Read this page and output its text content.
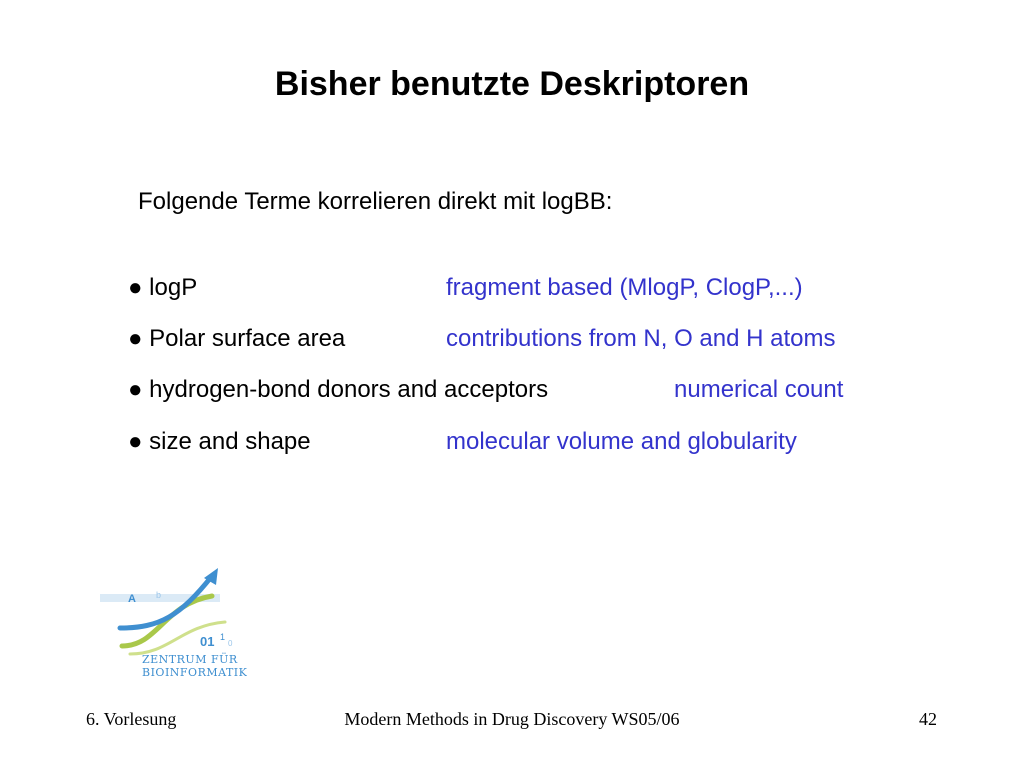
Bisher benutzte Deskriptoren
Folgende Terme korrelieren direkt mit logBB:
● logP	fragment based (MlogP, ClogP,...)
● Polar surface area	contributions from N, O and H atoms
● hydrogen-bond donors and acceptors	numerical count
● size and shape	molecular volume and globularity
A b
01 1
0
ZENTRUM FÜR
BIOINFORMATIK
6. Vorlesung	Modern Methods in Drug Discovery WS05/06	42
